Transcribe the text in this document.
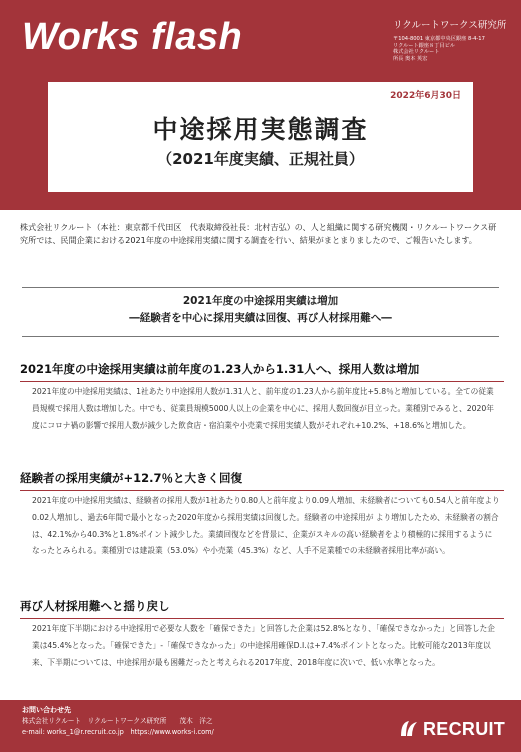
Works flash	リクルートワークス研究所
〒104-8001 東京都中央区銀座 8-4-17
リクルート銀座８丁目ビル
株式会社リクルート
所長 奥本 英宏
2022年6月30日
中途採用実態調査
（2021年度実績、正規社員）
株式会社リクルート（本社：東京都千代田区　代表取締役社長：北村吉弘）の、人と組織に関する研究機関・リクルートワークス研究所では、民間企業における2021年度の中途採用実績に関する調査を行い、結果がまとまりましたので、ご報告いたします。
2021年度の中途採用実績は増加
―経験者を中心に採用実績は回復、再び人材採用難へ―
2021年度の中途採用実績は前年度の1.23人から1.31人へ、採用人数は増加
2021年度の中途採用実績は、1社あたり中途採用人数が1.31人と、前年度の1.23人から前年度比+5.8％と増加している。全ての従業員規模で採用人数は増加した。中でも、従業員規模5000人以上の企業を中心に、採用人数回復が目立った。業種別でみると、2020年度にコロナ禍の影響で採用人数が減少した飲食店・宿泊業や小売業で採用実績人数がそれぞれ+10.2%、+18.6%と増加した。
経験者の採用実績が+12.7％と大きく回復
2021年度の中途採用実績は、経験者の採用人数が1社あたり0.80人と前年度より0.09人増加、未経験者についても0.54人と前年度より0.02人増加し、過去6年間で最小となった2020年度から採用実績は回復した。経験者の中途採用が より増加したため、未経験者の割合は、42.1%から40.3%と1.8%ポイント減少した。業績回復などを背景に、企業がスキルの高い経験者をより積極的に採用するようになったとみられる。業種別では建設業（53.0%）や小売業（45.3%）など、人手不足業種での未経験者採用比率が高い。
再び人材採用難へと揺り戻し
2021年度下半期における中途採用で必要な人数を「確保できた」と回答した企業は52.8%となり、「確保できなかった」と回答した企業は45.4%となった。「確保できた」-「確保できなかった」の中途採用確保D.I.は+7.4%ポイントとなった。比較可能な2013年度以来、下半期については、中途採用が最も困難だったと考えられる2017年度、2018年度に次いで、低い水準となった。
お問い合わせ先
株式会社リクルート　リクルートワークス研究所　　茂木　洋之
e-mail: works_1@r.recruit.co.jp　https://www.works-i.com/	RECRUIT
